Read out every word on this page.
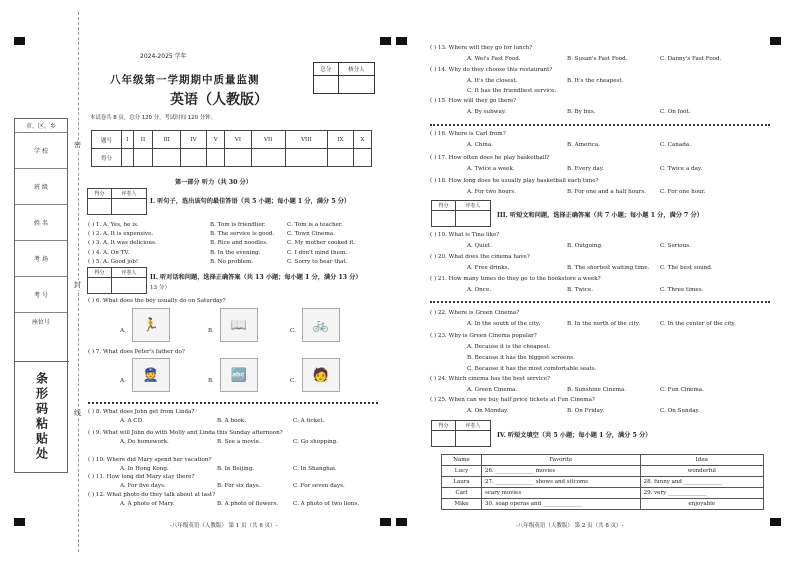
密
封
线
市、区、乡
学 校
班 级
姓 名
考 场
考 号
座位号
条形码粘贴处
2024-2025 学年
八年级第一学期期中质量监测
英语（人教版）
本试卷共 8 页，总分 120 分，考试时间 120 分钟。
总分	核分人

题号	I	II	III	IV	V	VI	VII	VIII	IX	X
得分										
第一部分 听力（共 30 分）
得分	评卷人

I. 听句子，选出该句的最佳答语（共 5 小题；每小题 1 分，满分 5 分）
( ) 1. A. Yes, he is.	B. Tom is friendlier.	C. Tom is a teacher.
( ) 2. A. It is expensive.	B. The service is good. C. Town Cinema.
( ) 3. A. It was delicious.	B. Rice and noodles.	C. My mother cooked it.
( ) 4. A. On TV.	B. In the evening.	C. I don't mind them.
( ) 5. A. Good job!	B. No problem.	C. Sorry to hear that.
得分	评卷人

II. 听对话和问题，选择正确答案（共 13 小题；每小题 1 分，满分 13 分）
13 分）
( ) 6. What does the boy usually do on Saturday?
A. 🏃	B. 📖	C. 🚲
( ) 7. What does Peter's father do?
A. 👮	B. 🔤	C. 🧑
( ) 8. What does John get from Linda?
A. A CD.	B. A book.	C. A ticket.
( ) 9. What will John do with Molly and Linda this Sunday afternoon?
A. Do homework.	B. See a movie.	C. Go shopping.
( ) 10. Where did Mary spend her vacation?
A. In Hong Kong.	B. In Beijing.	C. In Shanghai.
( ) 11. How long did Mary stay there?
A. For five days.	B. For six days.	C. For seven days.
( ) 12. What photo do they talk about at last?
A. A photo of Mary.	B. A photo of flowers.	C. A photo of two lions.
-八年级英语（人教版） 第 1 页（共 8 页）-
( ) 13. Where will they go for lunch?
A. Wei's Fast Food.	B. Susan's Fast Food.	C. Danny's Fast Food.
( ) 14. Why do they choose this restaurant?
A. It's the closest.	B. It's the cheapest.
C. It has the friendliest service.
( ) 15. How will they go there?
A. By subway.	B. By bus.	C. On foot.
( ) 16. Where is Carl from?
A. China.	B. America.	C. Canada.
( ) 17. How often does he play basketball?
A. Twice a week.	B. Every day.	C. Twice a day.
( ) 18. How long does he usually play basketball each time?
A. For two hours.	B. For one and a half hours. C. For one hour.
得分	评卷人

III. 听短文和问题，选择正确答案（共 7 小题；每小题 1 分，满分 7 分）
( ) 19. What is Tina like?
A. Quiet.	B. Outgoing.	C. Serious.
( ) 20. What does the cinema have?
A. Free drinks.	B. The shortest waiting time. C. The best sound.
( ) 21. How many times do they go to the bookstore a week?
A. Once.	B. Twice.	C. Three times.
( ) 22. Where is Green Cinema?
A. In the south of the city.	B. In the north of the city.	C. In the center of the city.
( ) 23. Why is Green Cinema popular?
A. Because it is the cheapest.
B. Because it has the biggest screens.
C. Because it has the most comfortable seats.
( ) 24. Which cinema has the best service?
A. Green Cinema.	B. Sunshine Cinema.	C. Fun Cinema.
( ) 25. When can we buy half price tickets at Fun Cinema?
A. On Monday.	B. On Friday.	C. On Sunday.
得分	评卷人

IV. 听短文填空（共 5 小题；每小题 1 分，满分 5 分）
Name	Favorite	Idea
Lucy	26. ______________ movies	wonderful
Laura	27. ______________ shows and sitcoms	28. funny and ______________
Carl	scary movies	29. very ______________
Mike	30. soap operas and ______________	enjoyable
-八年级英语（人教版） 第 2 页（共 8 页）-
